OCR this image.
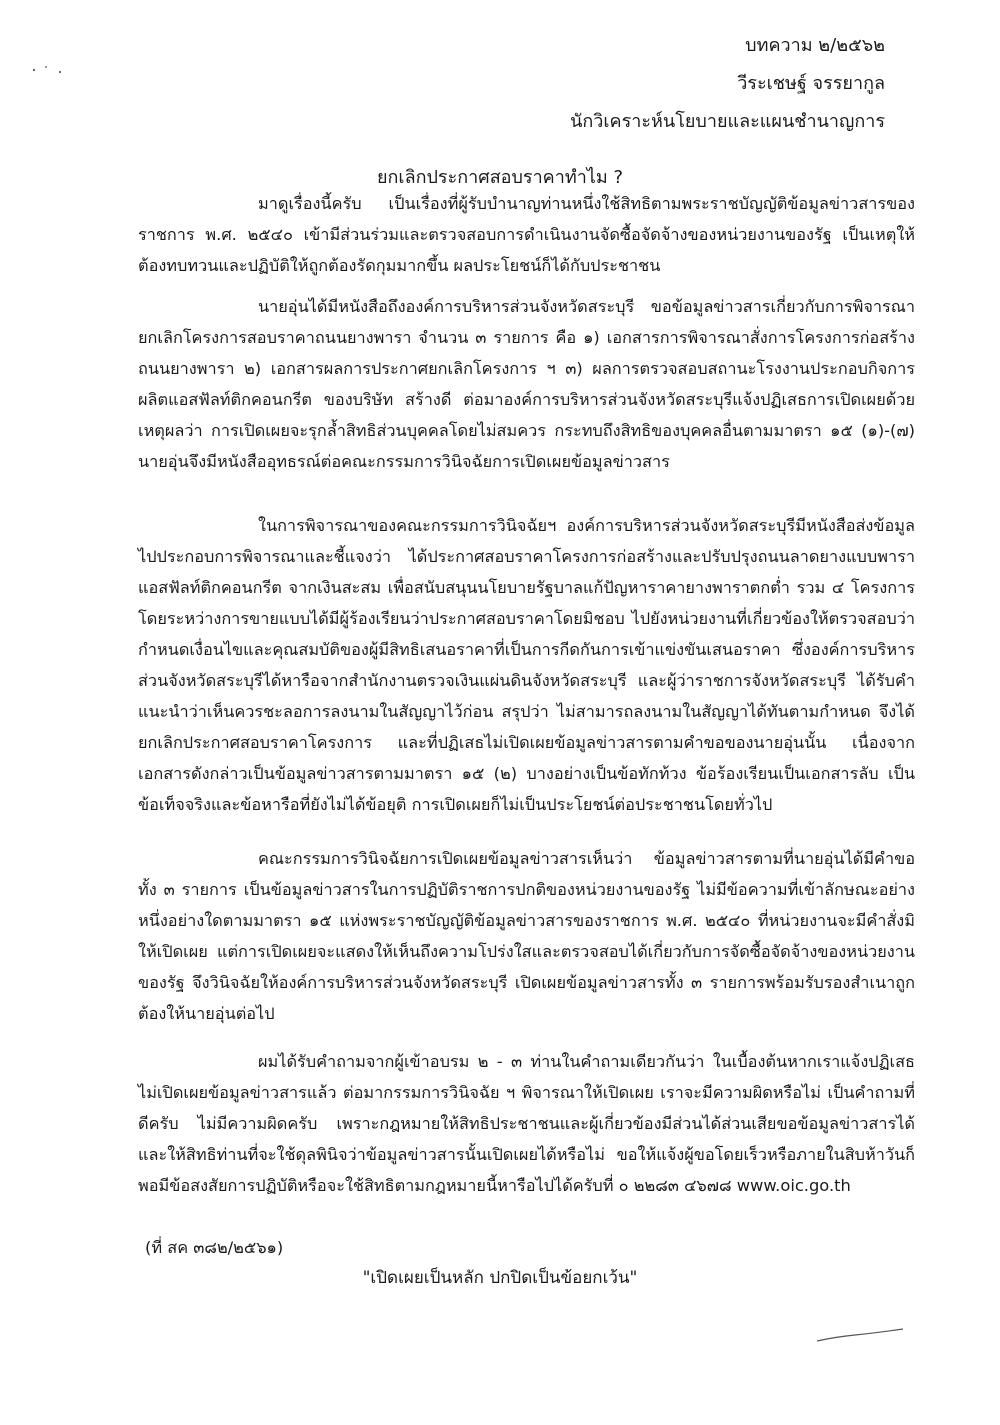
บทความ ๒/๒๕๖๒
วีระเชษฐ์ จรรยากูล
นักวิเคราะห์นโยบายและแผนชำนาญการ
ยกเลิกประกาศสอบราคาทำไม ?

มาดูเรื่องนี้ครับ เป็นเรื่องที่ผู้รับบำนาญท่านหนึ่งใช้สิทธิตามพระราชบัญญัติข้อมูลข่าวสารของราชการ พ.ศ. ๒๕๔๐ เข้ามีส่วนร่วมและตรวจสอบการดำเนินงานจัดซื้อจัดจ้างของหน่วยงานของรัฐ เป็นเหตุให้ต้องทบทวนและปฏิบัติให้ถูกต้องรัดกุมมากขึ้น ผลประโยชน์ก็ได้กับประชาชน

นายอุ่นได้มีหนังสือถึงองค์การบริหารส่วนจังหวัดสระบุรี ขอข้อมูลข่าวสารเกี่ยวกับการพิจารณายกเลิกโครงการสอบราคาถนนยางพารา จำนวน ๓ รายการ คือ ๑) เอกสารการพิจารณาสั่งการโครงการก่อสร้างถนนยางพารา ๒) เอกสารผลการประกาศยกเลิกโครงการ ฯ ๓) ผลการตรวจสอบสถานะโรงงานประกอบกิจการผลิตแอสฟัลท์ติกคอนกรีต ของบริษัท สร้างดี ต่อมาองค์การบริหารส่วนจังหวัดสระบุรีแจ้งปฏิเสธการเปิดเผยด้วยเหตุผลว่า การเปิดเผยจะรุกล้ำสิทธิส่วนบุคคลโดยไม่สมควร กระทบถึงสิทธิของบุคคลอื่นตามมาตรา ๑๕ (๑)-(๗) นายอุ่นจึงมีหนังสืออุทธรณ์ต่อคณะกรรมการวินิจฉัยการเปิดเผยข้อมูลข่าวสาร

ในการพิจารณาของคณะกรรมการวินิจฉัยฯ องค์การบริหารส่วนจังหวัดสระบุรีมีหนังสือส่งข้อมูลไปประกอบการพิจารณาและชี้แจงว่า ได้ประกาศสอบราคาโครงการก่อสร้างและปรับปรุงถนนลาดยางแบบพาราแอสฟัลท์ติกคอนกรีต จากเงินสะสม เพื่อสนับสนุนนโยบายรัฐบาลแก้ปัญหาราคายางพาราตกต่ำ รวม ๔ โครงการ โดยระหว่างการขายแบบได้มีผู้ร้องเรียนว่าประกาศสอบราคาโดยมิชอบ ไปยังหน่วยงานที่เกี่ยวข้องให้ตรวจสอบว่ากำหนดเงื่อนไขและคุณสมบัติของผู้มีสิทธิเสนอราคาที่เป็นการกีดกันการเข้าแข่งขันเสนอราคา ซึ่งองค์การบริหารส่วนจังหวัดสระบุรีได้หารือจากสำนักงานตรวจเงินแผ่นดินจังหวัดสระบุรี และผู้ว่าราชการจังหวัดสระบุรี ได้รับคำแนะนำว่าเห็นควรชะลอการลงนามในสัญญาไว้ก่อน สรุปว่า ไม่สามารถลงนามในสัญญาได้ทันตามกำหนด จึงได้ยกเลิกประกาศสอบราคาโครงการ และที่ปฏิเสธไม่เปิดเผยข้อมูลข่าวสารตามคำขอของนายอุ่นนั้น เนื่องจากเอกสารดังกล่าวเป็นข้อมูลข่าวสารตามมาตรา ๑๕ (๒) บางอย่างเป็นข้อทักท้วง ข้อร้องเรียนเป็นเอกสารลับ เป็นข้อเท็จจริงและข้อหารือที่ยังไม่ได้ข้อยุติ การเปิดเผยก็ไม่เป็นประโยชน์ต่อประชาชนโดยทั่วไป

คณะกรรมการวินิจฉัยการเปิดเผยข้อมูลข่าวสารเห็นว่า ข้อมูลข่าวสารตามที่นายอุ่นได้มีคำขอทั้ง ๓ รายการ เป็นข้อมูลข่าวสารในการปฏิบัติราชการปกติของหน่วยงานของรัฐ ไม่มีข้อความที่เข้าลักษณะอย่างหนึ่งอย่างใดตามมาตรา ๑๕ แห่งพระราชบัญญัติข้อมูลข่าวสารของราชการ พ.ศ. ๒๕๔๐ ที่หน่วยงานจะมีคำสั่งมิให้เปิดเผย แต่การเปิดเผยจะแสดงให้เห็นถึงความโปร่งใสและตรวจสอบได้เกี่ยวกับการจัดซื้อจัดจ้างของหน่วยงานของรัฐ จึงวินิจฉัยให้องค์การบริหารส่วนจังหวัดสระบุรี เปิดเผยข้อมูลข่าวสารทั้ง ๓ รายการพร้อมรับรองสำเนาถูกต้องให้นายอุ่นต่อไป

ผมได้รับคำถามจากผู้เข้าอบรม ๒ - ๓ ท่านในคำถามเดียวกันว่า ในเบื้องต้นหากเราแจ้งปฏิเสธไม่เปิดเผยข้อมูลข่าวสารแล้ว ต่อมากรรมการวินิจฉัย ฯ พิจารณาให้เปิดเผย เราจะมีความผิดหรือไม่ เป็นคำถามที่ดีครับ ไม่มีความผิดครับ เพราะกฎหมายให้สิทธิประชาชนและผู้เกี่ยวข้องมีส่วนได้ส่วนเสียขอข้อมูลข่าวสารได้ และให้สิทธิท่านที่จะใช้ดุลพินิจว่าข้อมูลข่าวสารนั้นเปิดเผยได้หรือไม่ ขอให้แจ้งผู้ขอโดยเร็วหรือภายในสิบห้าวันก็พอมีข้อสงสัยการปฏิบัติหรือจะใช้สิทธิตามกฎหมายนี้หารือไปได้ครับที่ ๐ ๒๒๘๓ ๔๖๗๘ www.oic.go.th

(ที่ สค ๓๘๒/๒๕๖๑)
"เปิดเผยเป็นหลัก ปกปิดเป็นข้อยกเว้น"
